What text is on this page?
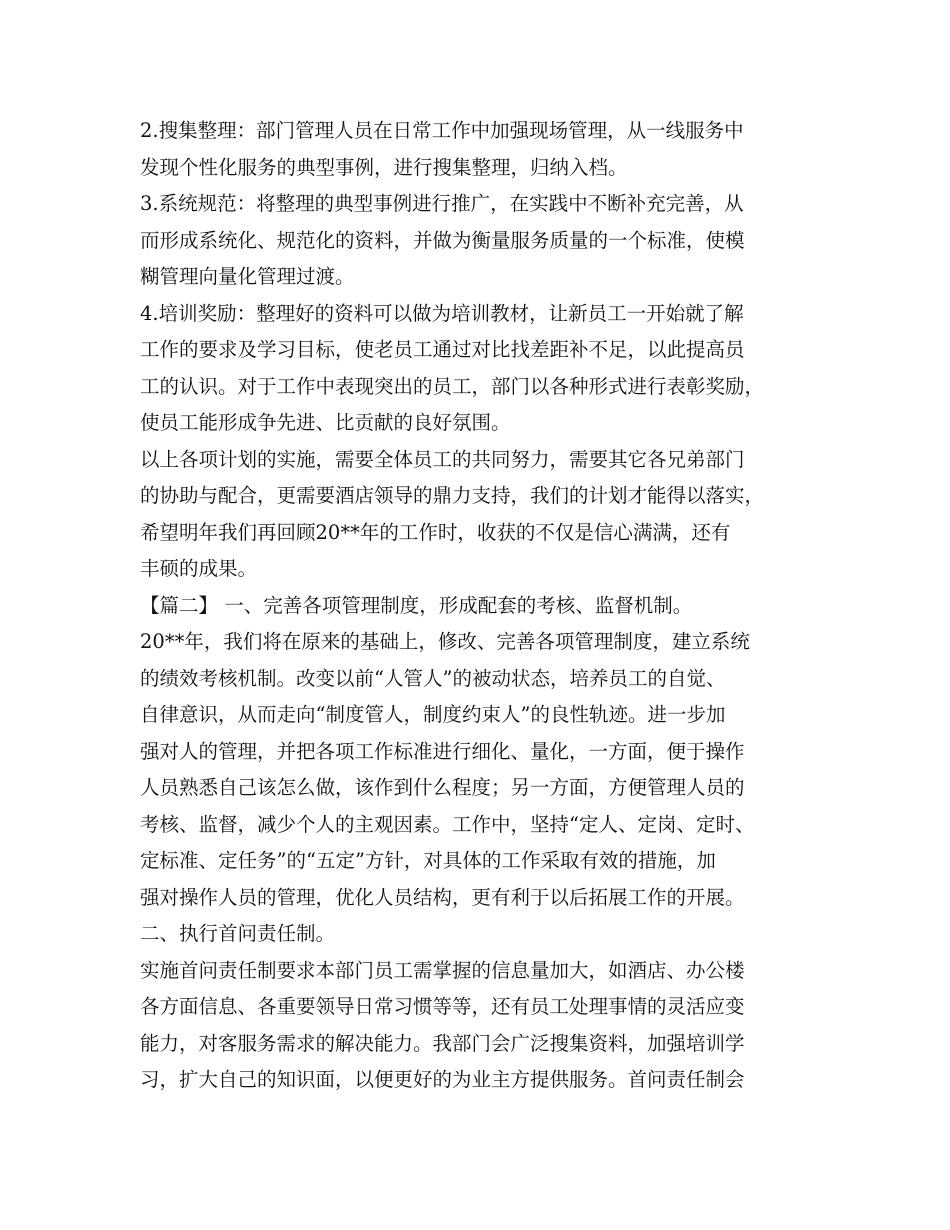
2.搜集整理：部门管理人员在日常工作中加强现场管理，从一线服务中
发现个性化服务的典型事例，进行搜集整理，归纳入档。
3.系统规范：将整理的典型事例进行推广，在实践中不断补充完善，从
而形成系统化、规范化的资料，并做为衡量服务质量的一个标准，使模
糊管理向量化管理过渡。
4.培训奖励：整理好的资料可以做为培训教材，让新员工一开始就了解
工作的要求及学习目标，使老员工通过对比找差距补不足，以此提高员
工的认识。对于工作中表现突出的员工，部门以各种形式进行表彰奖励，
使员工能形成争先进、比贡献的良好氛围。
以上各项计划的实施，需要全体员工的共同努力，需要其它各兄弟部门
的协助与配合，更需要酒店领导的鼎力支持，我们的计划才能得以落实，
希望明年我们再回顾20**年的工作时，收获的不仅是信心满满，还有
丰硕的成果。
【篇二】 一、完善各项管理制度，形成配套的考核、监督机制。
20**年，我们将在原来的基础上，修改、完善各项管理制度，建立系统
的绩效考核机制。改变以前“人管人”的被动状态，培养员工的自觉、
自律意识，从而走向“制度管人，制度约束人”的良性轨迹。进一步加
强对人的管理，并把各项工作标准进行细化、量化，一方面，便于操作
人员熟悉自己该怎么做，该作到什么程度；另一方面，方便管理人员的
考核、监督，减少个人的主观因素。工作中，坚持“定人、定岗、定时、
定标准、定任务”的“五定”方针，对具体的工作采取有效的措施，加
强对操作人员的管理，优化人员结构，更有利于以后拓展工作的开展。
二、执行首问责任制。
实施首问责任制要求本部门员工需掌握的信息量加大，如酒店、办公楼
各方面信息、各重要领导日常习惯等等，还有员工处理事情的灵活应变
能力，对客服务需求的解决能力。我部门会广泛搜集资料，加强培训学
习，扩大自己的知识面，以便更好的为业主方提供服务。首问责任制会
